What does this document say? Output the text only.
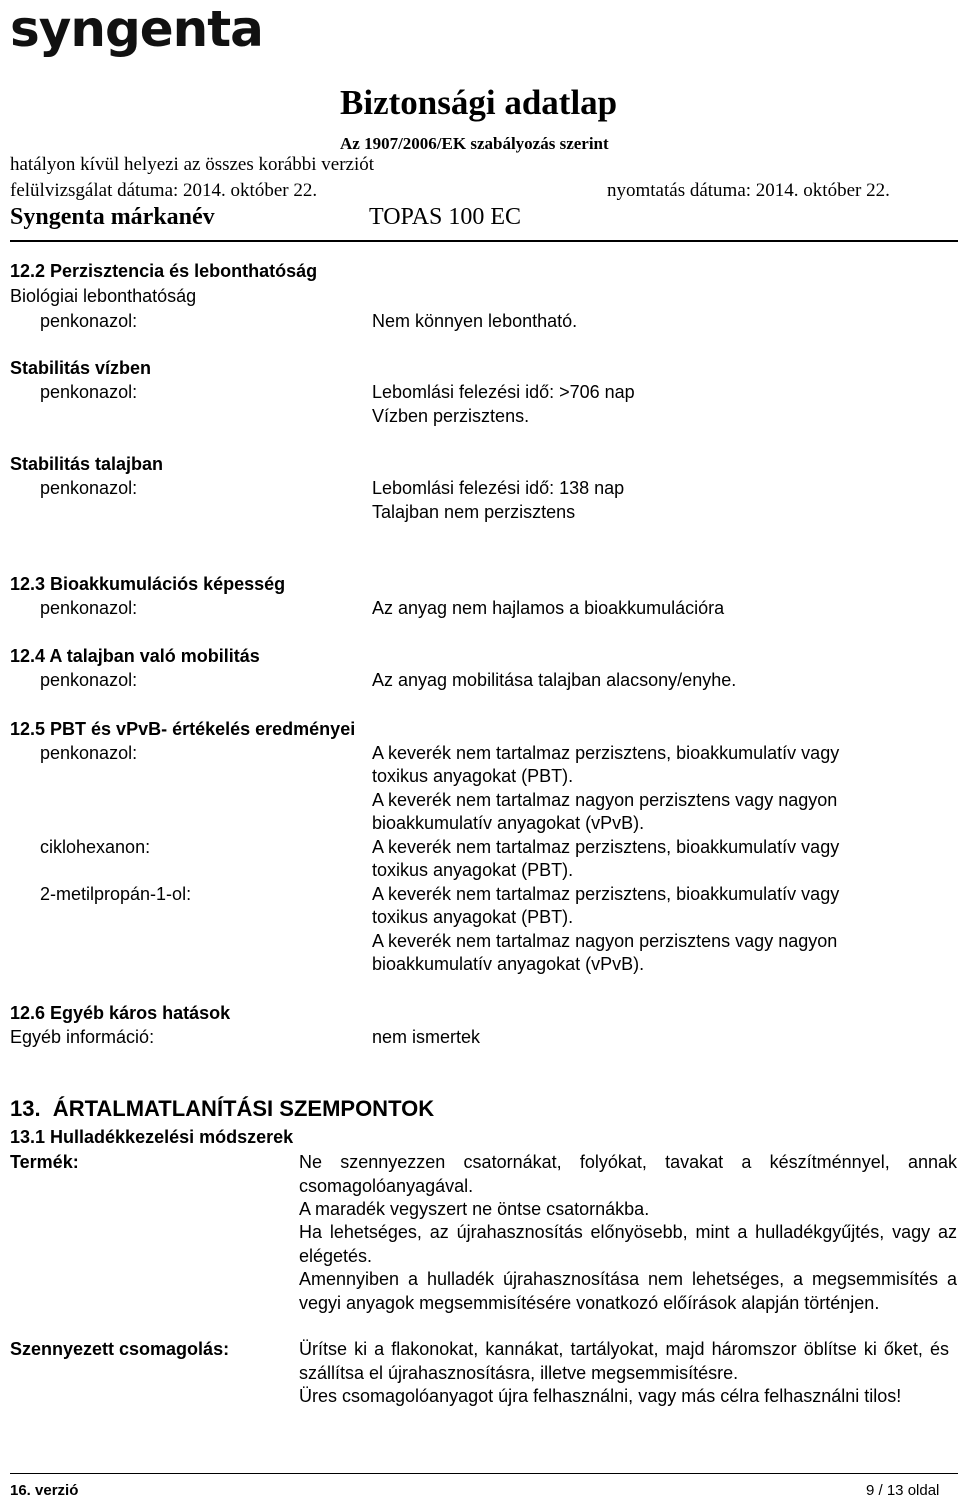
syngenta
Biztonsági adatlap
Az 1907/2006/EK szabályozás szerint
hatályon kívül helyezi az összes korábbi verziót
felülvizsgálat dátuma: 2014. október 22.	nyomtatás dátuma: 2014. október 22.
Syngenta márkanév	TOPAS 100 EC
12.2 Perzisztencia és lebonthatóság
Biológiai lebonthatóság
penkonazol:	Nem könnyen lebontható.
Stabilitás vízben
penkonazol:	Lebomlási felezési idő: >706 nap
Vízben perzisztens.
Stabilitás talajban
penkonazol:	Lebomlási felezési idő: 138 nap
Talajban nem perzisztens
12.3 Bioakkumulációs képesség
penkonazol:	Az anyag nem hajlamos a bioakkumulációra
12.4 A talajban való mobilitás
penkonazol:	Az anyag mobilitása talajban alacsony/enyhe.
12.5 PBT és vPvB- értékelés eredményei
penkonazol:	A keverék nem tartalmaz perzisztens, bioakkumulatív vagy
toxikus anyagokat (PBT).
A keverék nem tartalmaz nagyon perzisztens vagy nagyon
bioakkumulatív anyagokat (vPvB).
ciklohexanon:	A keverék nem tartalmaz perzisztens, bioakkumulatív vagy
toxikus anyagokat (PBT).
2-metilpropán-1-ol:	A keverék nem tartalmaz perzisztens, bioakkumulatív vagy
toxikus anyagokat (PBT).
A keverék nem tartalmaz nagyon perzisztens vagy nagyon
bioakkumulatív anyagokat (vPvB).
12.6 Egyéb káros hatások
Egyéb információ:	nem ismertek
13.  ÁRTALMATLANÍTÁSI SZEMPONTOK
13.1 Hulladékkezelési módszerek
Termék:	Ne szennyezzen csatornákat, folyókat, tavakat a készítménnyel, annak csomagolóanyagával.
A maradék vegyszert ne öntse csatornákba.
Ha lehetséges, az újrahasznosítás előnyösebb, mint a hulladékgyűjtés, vagy az elégetés.
Amennyiben a hulladék újrahasznosítása nem lehetséges, a megsemmisítés a vegyi anyagok megsemmisítésére vonatkozó előírások alapján történjen.
Szennyezett csomagolás:	Ürítse ki a flakonokat, kannákat, tartályokat, majd háromszor öblítse ki őket, és szállítsa el újrahasznosításra, illetve megsemmisítésre.
Üres csomagolóanyagot újra felhasználni, vagy más célra felhasználni tilos!
16. verzió	9 / 13 oldal
